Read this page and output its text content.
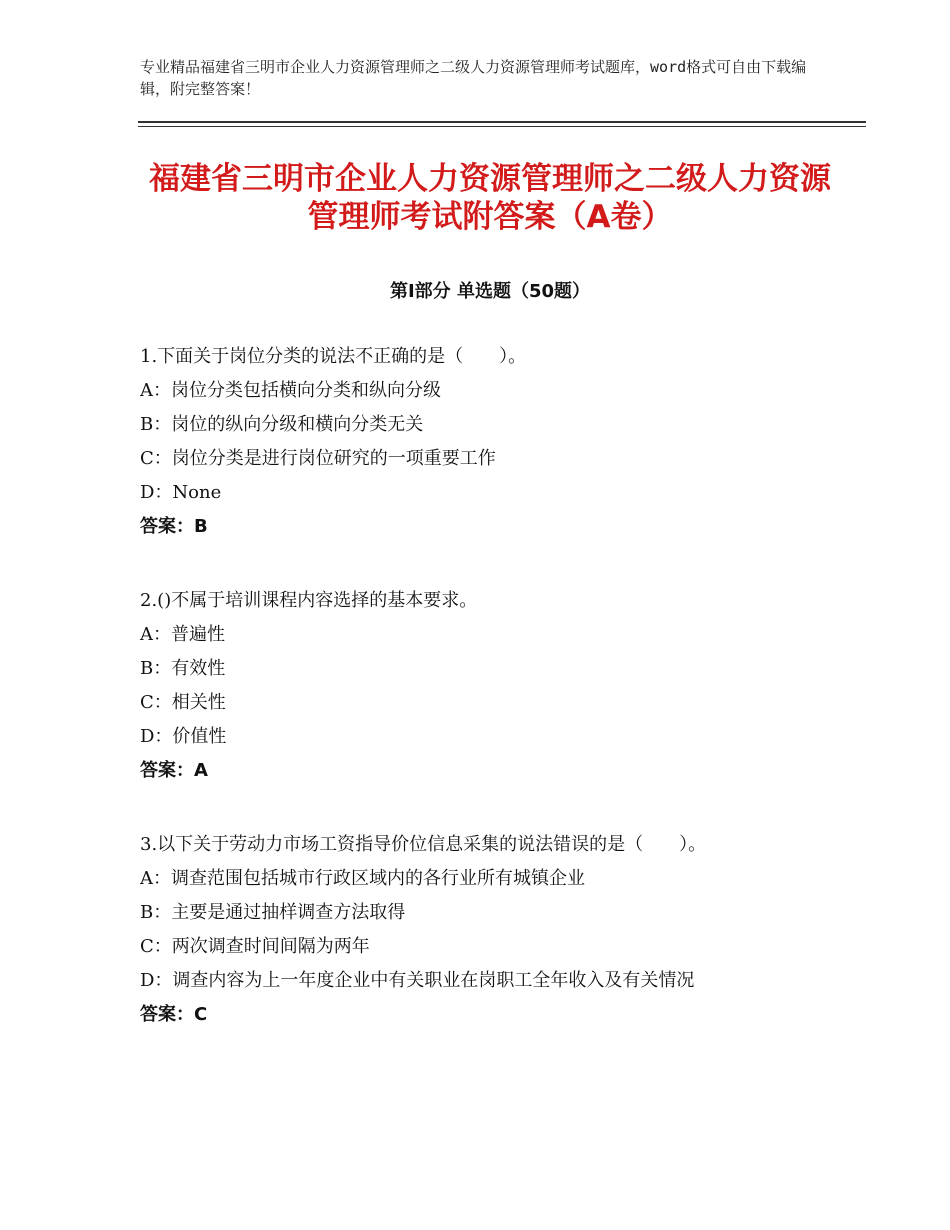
专业精品福建省三明市企业人力资源管理师之二级人力资源管理师考试题库，word格式可自由下载编辑，附完整答案！
福建省三明市企业人力资源管理师之二级人力资源管理师考试附答案（A卷）
第Ⅰ部分 单选题（50题）
1.下面关于岗位分类的说法不正确的是（　　）。
A：岗位分类包括横向分类和纵向分级
B：岗位的纵向分级和横向分类无关
C：岗位分类是进行岗位研究的一项重要工作
D：None
答案：B
2.()不属于培训课程内容选择的基本要求。
A：普遍性
B：有效性
C：相关性
D：价值性
答案：A
3.以下关于劳动力市场工资指导价位信息采集的说法错误的是（　　）。
A：调查范围包括城市行政区域内的各行业所有城镇企业
B：主要是通过抽样调查方法取得
C：两次调查时间间隔为两年
D：调查内容为上一年度企业中有关职业在岗职工全年收入及有关情况
答案：C
